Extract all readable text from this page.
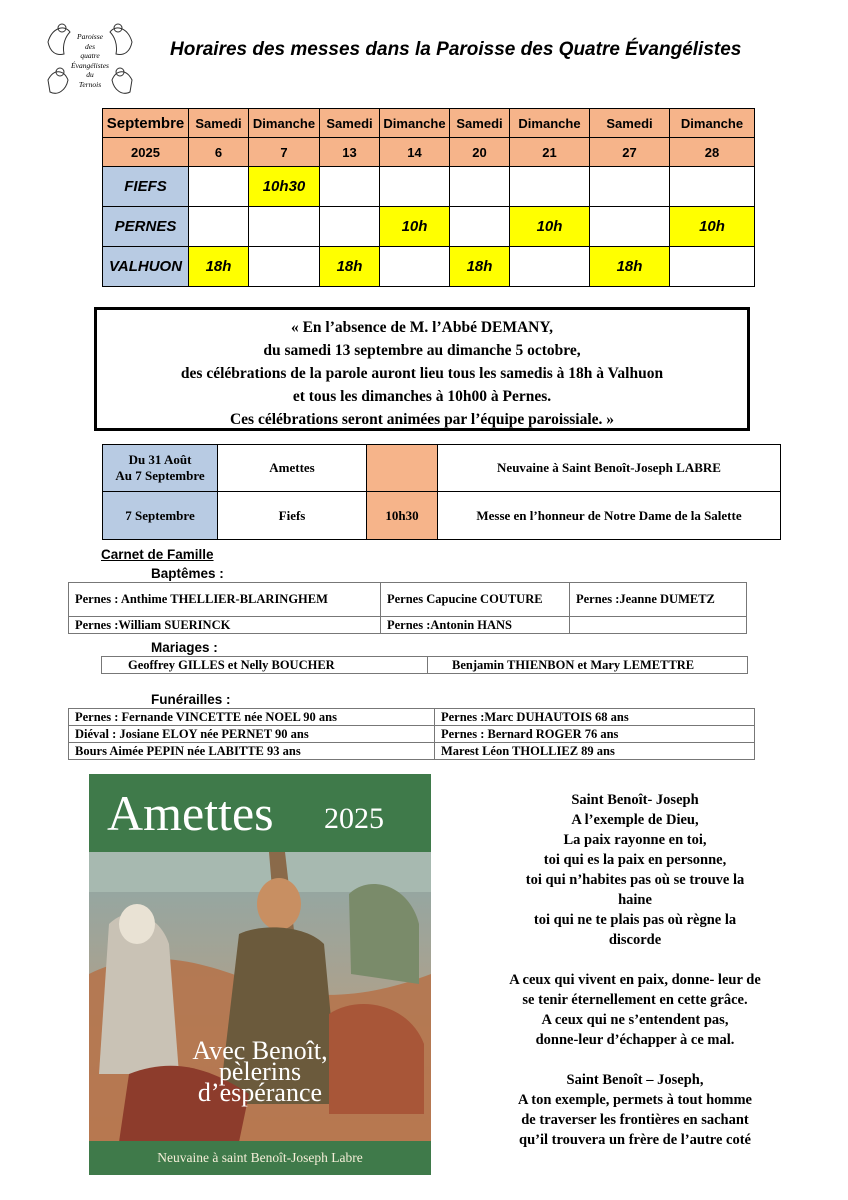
Paroisse
des
quatre
Évangélistes
du
Ternois
Horaires des messes dans la Paroisse des Quatre Évangélistes
Septembre	Samedi	Dimanche	Samedi	Dimanche	Samedi	Dimanche	Samedi	Dimanche
2025	6	7	13	14	20	21	27	28
FIEFS		10h30						
PERNES				10h		10h		10h
VALHUON	18h		18h		18h		18h	
« En l’absence de M. l’Abbé DEMANY,
du samedi 13 septembre au dimanche 5 octobre,
des célébrations de la parole auront lieu tous les samedis à 18h à Valhuon
et tous les dimanches à 10h00 à Pernes.
Ces célébrations seront animées par l’équipe paroissiale. »
Du 31 Août
Au 7 Septembre	Amettes		Neuvaine à Saint Benoît-Joseph LABRE
7 Septembre	Fiefs	10h30	Messe en l’honneur de Notre Dame de la Salette
Carnet de Famille
Baptêmes :
Pernes : Anthime THELLIER-BLARINGHEM	Pernes Capucine COUTURE	Pernes :Jeanne DUMETZ
Pernes :William SUERINCK	Pernes :Antonin HANS	
Mariages :
Geoffrey GILLES et Nelly BOUCHER	Benjamin THIENBON et Mary LEMETTRE
Funérailles :
Pernes : Fernande VINCETTE née NOEL 90 ans	Pernes :Marc DUHAUTOIS 68 ans
Diéval : Josiane ELOY née PERNET 90 ans	Pernes : Bernard ROGER 76 ans
Bours Aimée PEPIN née LABITTE 93 ans	Marest Léon THOLLIEZ 89 ans
Amettes 2025
Avec Benoît,
pèlerins
d’espérance
Neuvaine à saint Benoît-Joseph Labre
Saint Benoît- Joseph
A l’exemple de Dieu,
La paix rayonne en toi,
toi qui es la paix en personne,
toi qui n’habites pas où se trouve la
haine
toi qui ne te plais pas où règne la
discorde
A ceux qui vivent en paix, donne- leur de
se tenir éternellement en cette grâce.
A ceux qui ne s’entendent pas,
donne-leur d’échapper à ce mal.
Saint Benoît – Joseph,
A ton exemple, permets à tout homme
de traverser les frontières en sachant
qu’il trouvera un frère de l’autre coté
